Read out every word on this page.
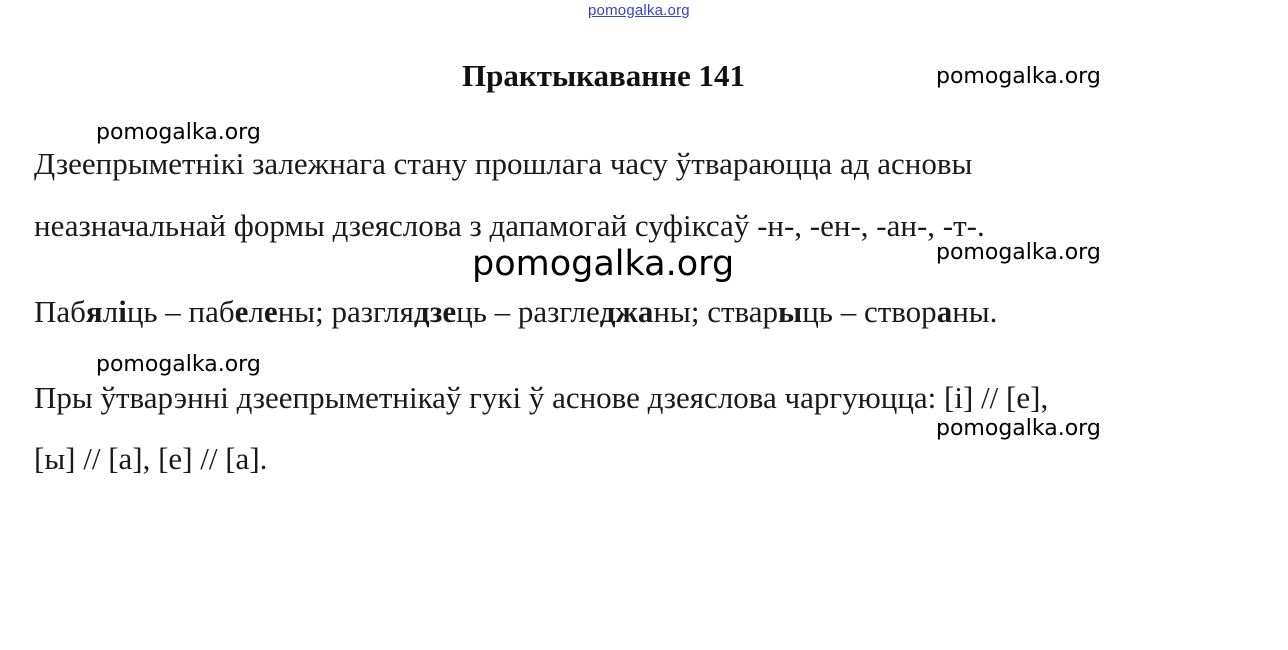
pomogalka.org
Практыкаванне 141	pomogalka.org
pomogalka.org
Дзеепрыметнікі залежнага стану прошлага часу ўтвараюцца ад асновы
неазначальнай формы дзеяслова з дапамогай суфіксаў -н-, -ен-, -ан-, -т-.
pomogalka.org
pomogalka.org
Пабяліць – пабелены; разглядзець – разгледжаны; стварыць – створаны.
pomogalka.org
Пры ўтварэнні дзеепрыметнікаў гукі ў аснове дзеяслова чаргуюцца: [і] // [е],
pomogalka.org
[ы] // [а], [е] // [а].
